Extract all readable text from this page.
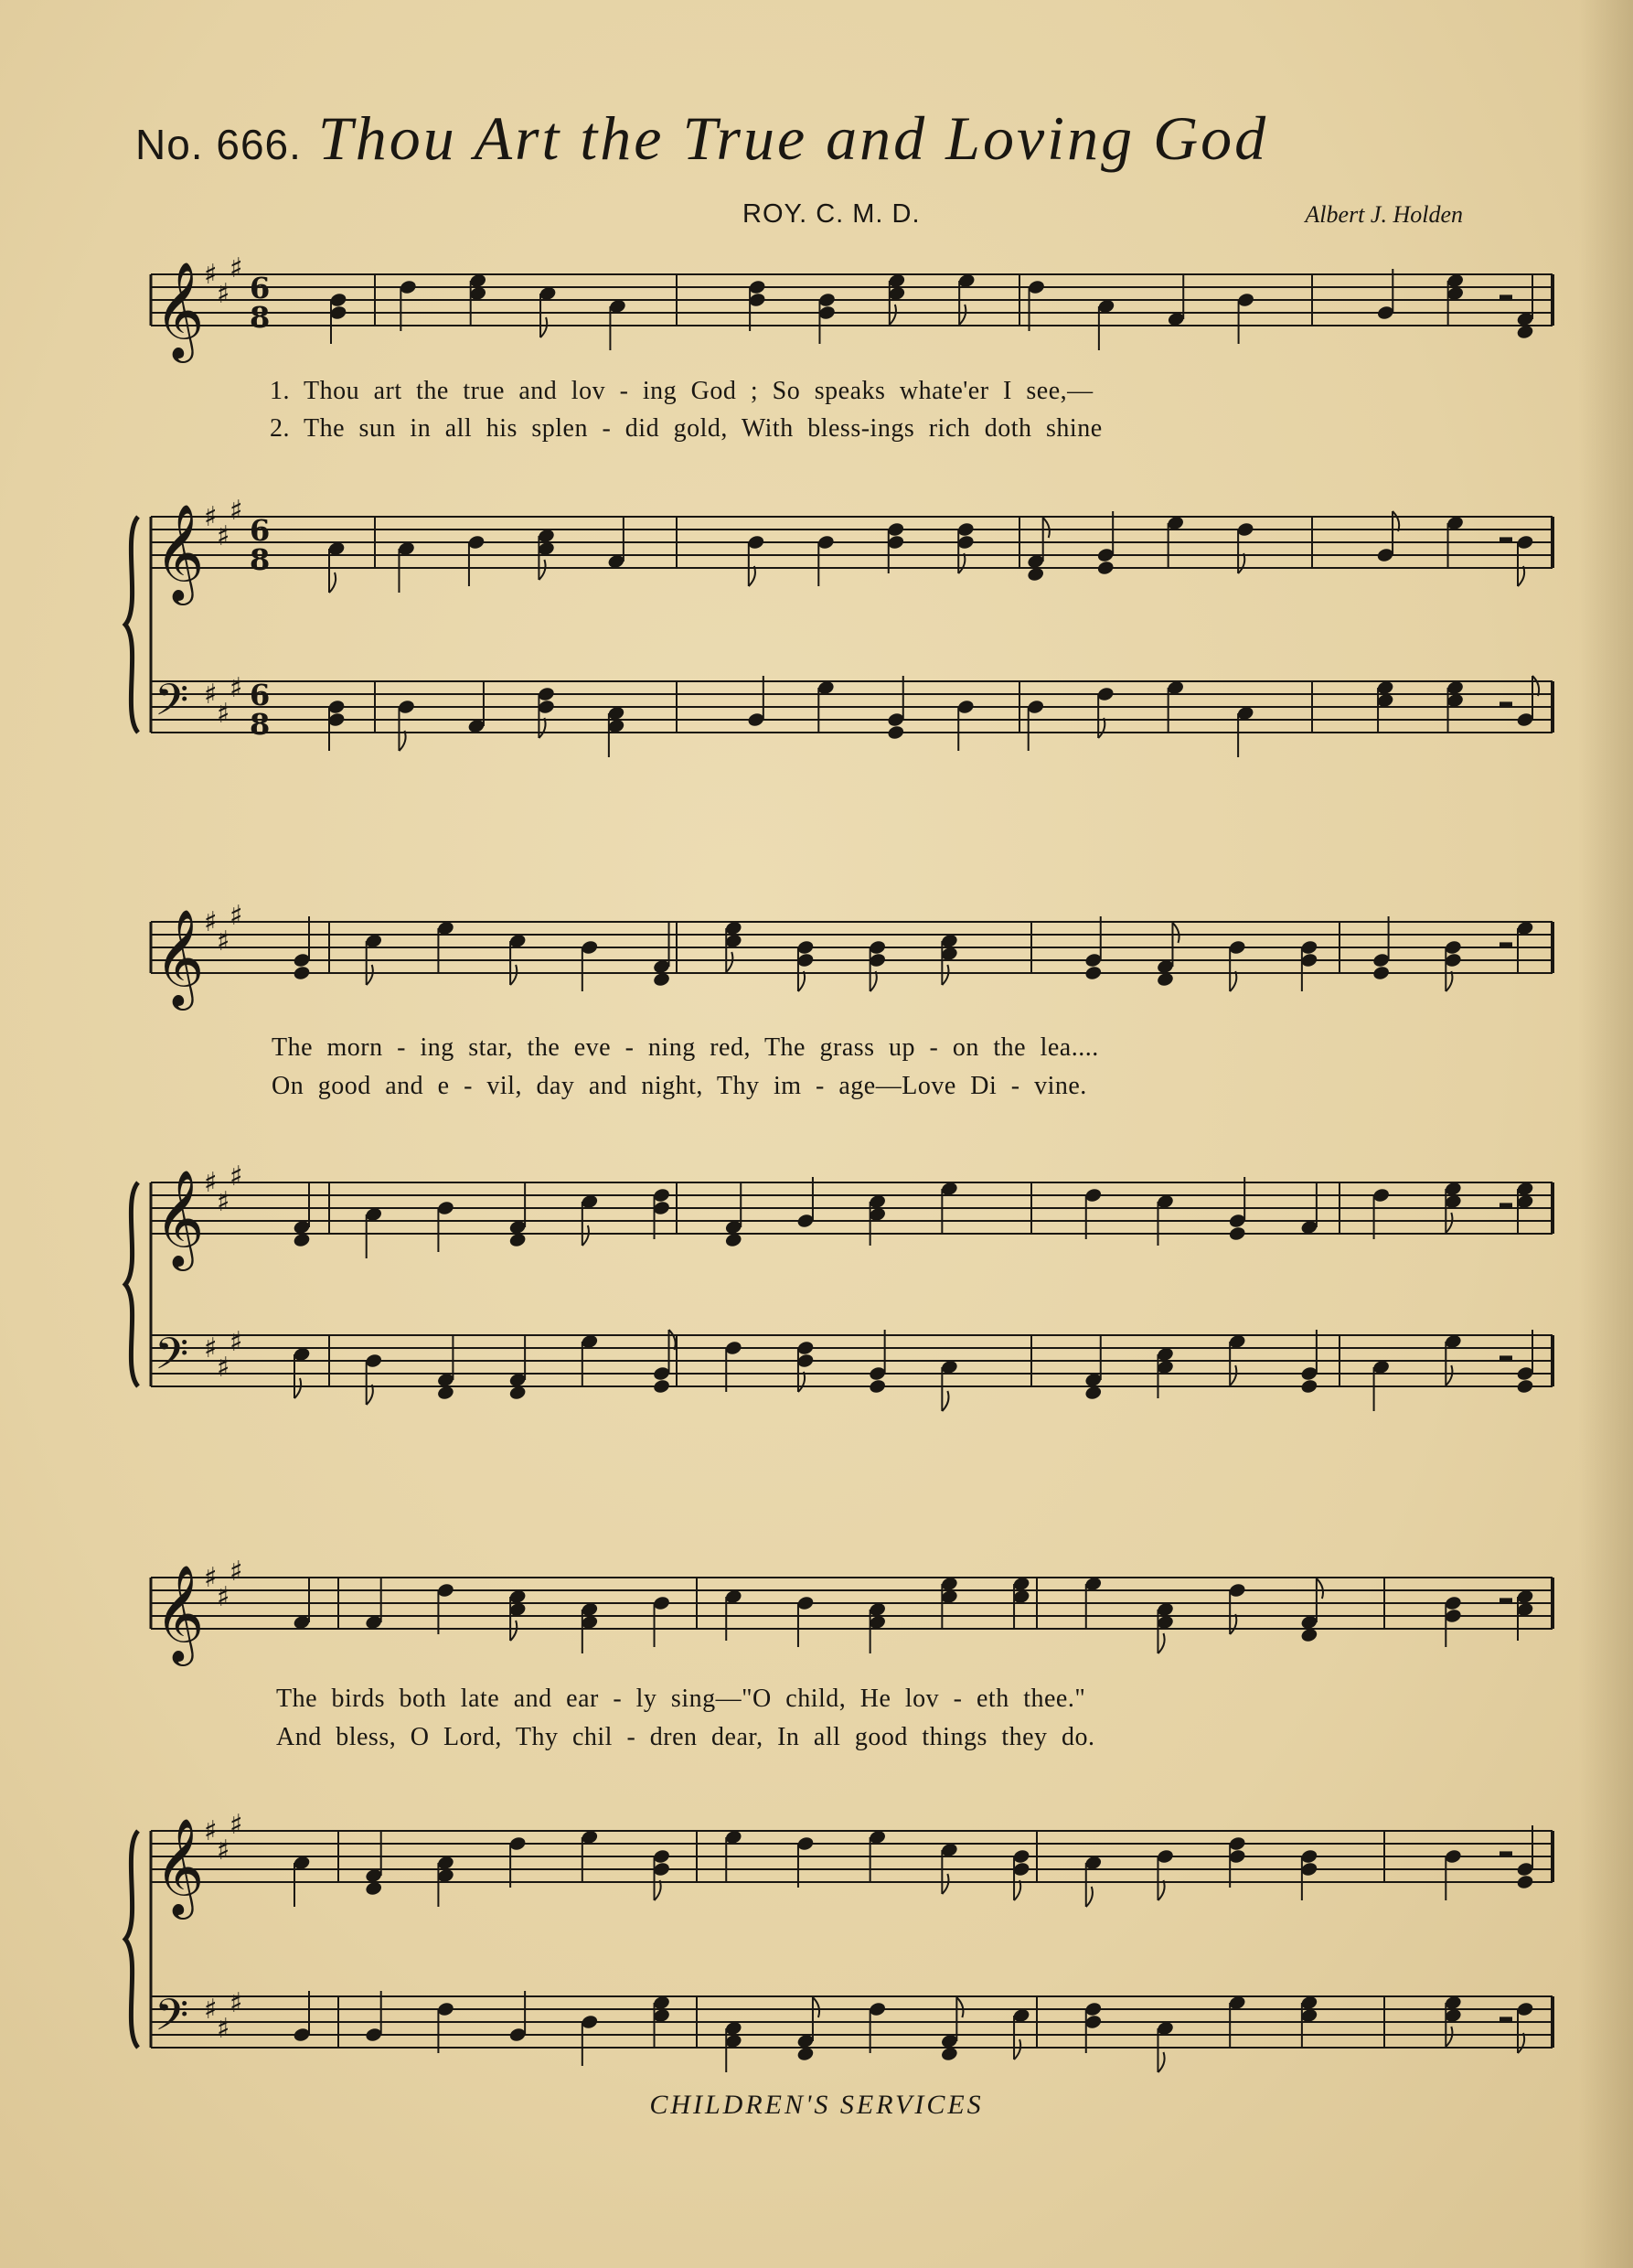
No. 666. Thou Art the True and Loving God
ROY. C. M. D.	Albert J. Holden
𝄞 ♯
♯
♯
6
8
𝄞 ♯
♯
♯
6
8
𝄢 ♯
♯
♯ 6
8
𝄞 ♯
♯
♯
𝄞 ♯
♯
♯
𝄢 ♯
♯
♯
𝄞 ♯
♯
♯
𝄞 ♯
♯
♯
𝄢 ♯
♯
♯
1. Thou art the true and lov - ing God ; So speaks whate'er I see,—
2. The sun in all his splen - did gold, With bless-ings rich doth shine
The morn - ing star, the eve - ning red, The grass up - on the lea....
On good and e - vil, day and night, Thy im - age—Love Di - vine.
The birds both late and ear - ly sing—"O child, He lov - eth thee."
And bless, O Lord, Thy chil - dren dear, In all good things they do.
CHILDREN'S SERVICES
